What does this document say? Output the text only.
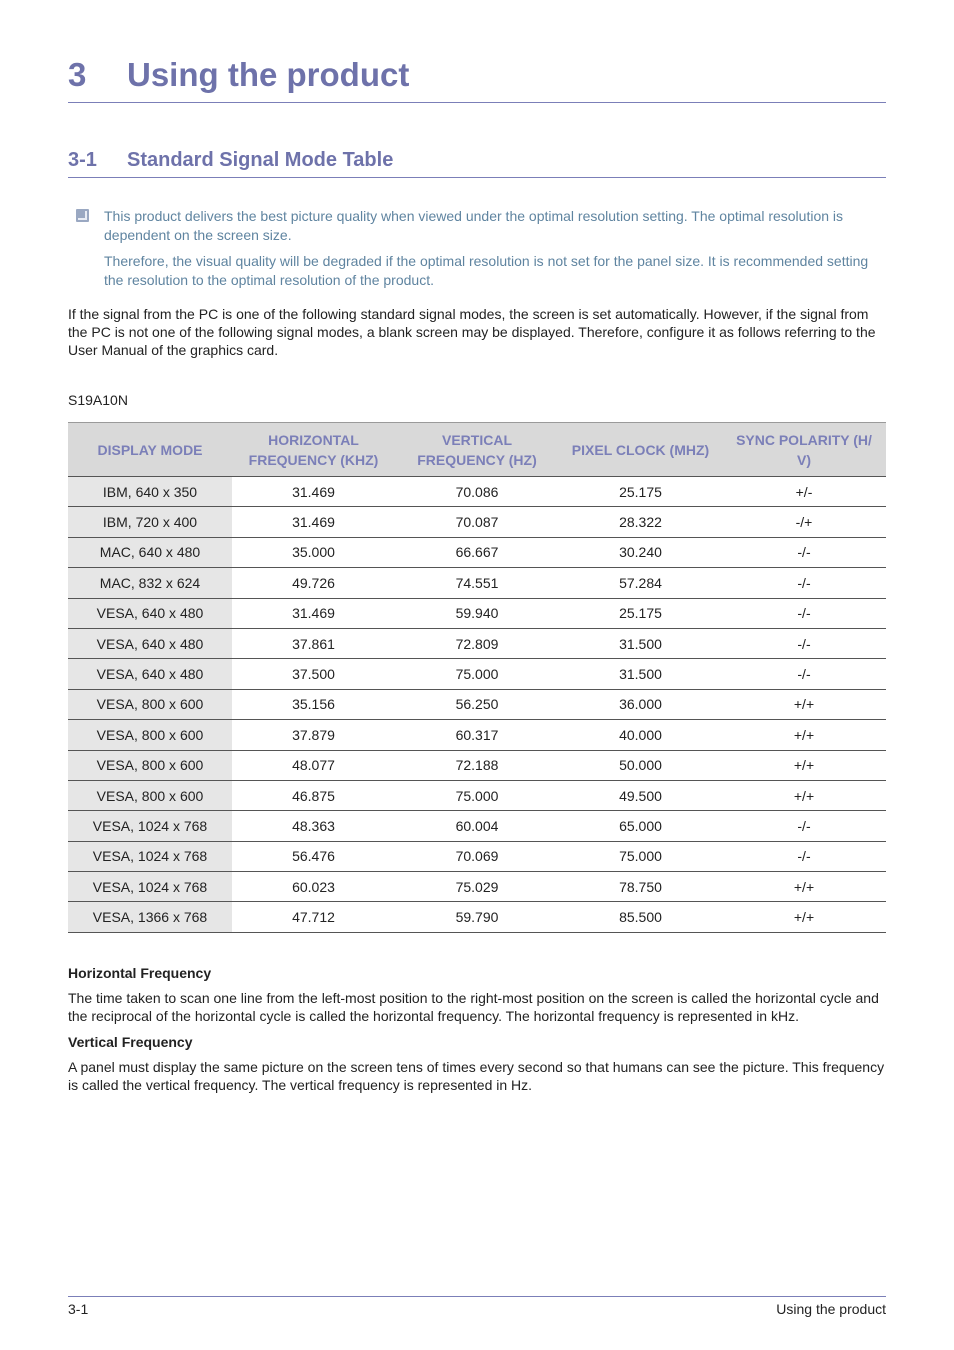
3 Using the product
3-1 Standard Signal Mode Table
This product delivers the best picture quality when viewed under the optimal resolution setting. The optimal resolution is dependent on the screen size.
Therefore, the visual quality will be degraded if the optimal resolution is not set for the panel size. It is recommended setting the resolution to the optimal resolution of the product.
If the signal from the PC is one of the following standard signal modes, the screen is set automatically. However, if the signal from the PC is not one of the following signal modes, a blank screen may be displayed. Therefore, configure it as follows referring to the User Manual of the graphics card.
S19A10N
DISPLAY MODE	HORIZONTAL FREQUENCY (KHZ)	VERTICAL FREQUENCY (HZ)	PIXEL CLOCK (MHZ)	SYNC POLARITY (H/ V)
IBM, 640 x 350	31.469	70.086	25.175	+/-
IBM, 720 x 400	31.469	70.087	28.322	-/+
MAC, 640 x 480	35.000	66.667	30.240	-/-
MAC, 832 x 624	49.726	74.551	57.284	-/-
VESA, 640 x 480	31.469	59.940	25.175	-/-
VESA, 640 x 480	37.861	72.809	31.500	-/-
VESA, 640 x 480	37.500	75.000	31.500	-/-
VESA, 800 x 600	35.156	56.250	36.000	+/+
VESA, 800 x 600	37.879	60.317	40.000	+/+
VESA, 800 x 600	48.077	72.188	50.000	+/+
VESA, 800 x 600	46.875	75.000	49.500	+/+
VESA, 1024 x 768	48.363	60.004	65.000	-/-
VESA, 1024 x 768	56.476	70.069	75.000	-/-
VESA, 1024 x 768	60.023	75.029	78.750	+/+
VESA, 1366 x 768	47.712	59.790	85.500	+/+
Horizontal Frequency
The time taken to scan one line from the left-most position to the right-most position on the screen is called the horizontal cycle and the reciprocal of the horizontal cycle is called the horizontal frequency. The horizontal frequency is represented in kHz.
Vertical Frequency
A panel must display the same picture on the screen tens of times every second so that humans can see the picture. This frequency is called the vertical frequency. The vertical frequency is represented in Hz.
3-1	Using the product
